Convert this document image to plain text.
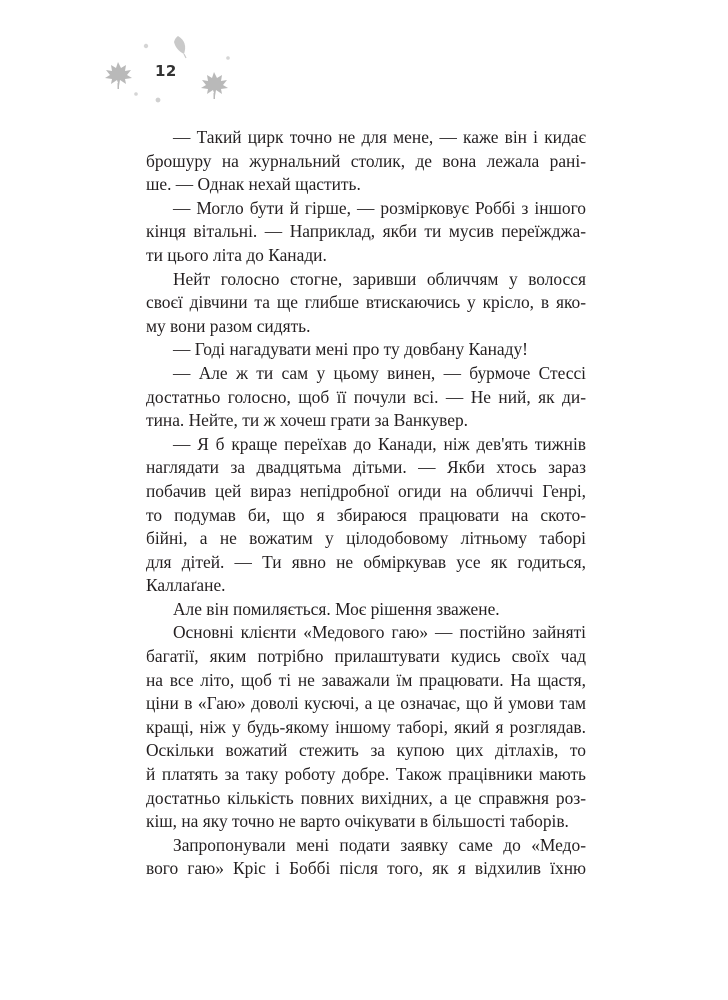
12

— Такий цирк точно не для мене, — каже він і кидає
брошуру на журнальний столик, де вона лежала рані-
ше. — Однак нехай щастить.

— Могло бути й гірше, — розмірковує Роббі з іншого
кінця вітальні. — Наприклад, якби ти мусив переїжджа-
ти цього літа до Канади.

Нейт голосно стогне, заривши обличчям у волосся
своєї дівчини та ще глибше втискаючись у крісло, в яко-
му вони разом сидять.

— Годі нагадувати мені про ту довбану Канаду!

— Але ж ти сам у цьому винен, — бурмоче Стессі
достатньо голосно, щоб її почули всі. — Не ний, як ди-
тина. Нейте, ти ж хочеш грати за Ванкувер.

— Я б краще переїхав до Канади, ніж дев'ять тижнів
наглядати за двадцятьма дітьми. — Якби хтось зараз
побачив цей вираз непідробної огиди на обличчі Генрі,
то подумав би, що я збираюся працювати на ското-
бійні, а не вожатим у цілодобовому літньому таборі
для дітей. — Ти явно не обміркував усе як годиться,
Каллаґане.

Але він помиляється. Моє рішення зважене.

Основні клієнти «Медового гаю» — постійно зайняті
багатії, яким потрібно прилаштувати кудись своїх чад
на все літо, щоб ті не заважали їм працювати. На щастя,
ціни в «Гаю» доволі кусючі, а це означає, що й умови там
кращі, ніж у будь-якому іншому таборі, який я розглядав.
Оскільки вожатий стежить за купою цих дітлахів, то
й платять за таку роботу добре. Також працівники мають
достатньо кількість повних вихідних, а це справжня роз-
кіш, на яку точно не варто очікувати в більшості таборів.

Запропонували мені подати заявку саме до «Медо-
вого гаю» Кріс і Боббі після того, як я відхилив їхню
